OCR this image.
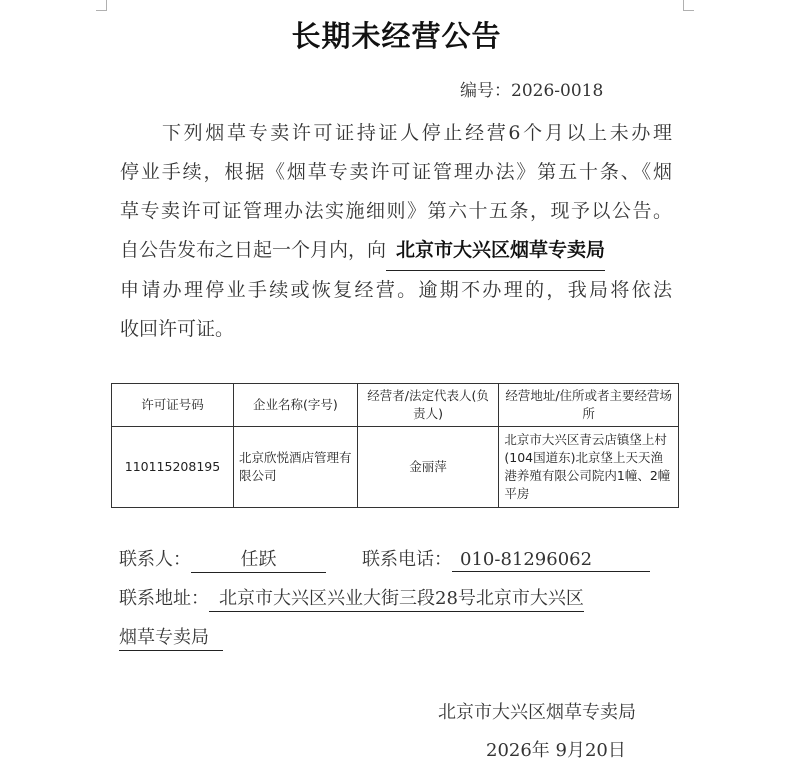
长期未经营公告
编号：2026-0018
下列烟草专卖许可证持证人停止经营6个月以上未办理
停业手续，根据《烟草专卖许可证管理办法》第五十条、《烟
草专卖许可证管理办法实施细则》第六十五条，现予以公告。
自公告发布之日起一个月内，向 北京市大兴区烟草专卖局
申请办理停业手续或恢复经营。逾期不办理的，我局将依法
收回许可证。
许可证号码	企业名称(字号)	经营者/法定代表人(负责人)	经营地址/住所或者主要经营场所
110115208195	北京欣悦酒店管理有限公司	金丽萍	北京市大兴区青云店镇垡上村(104国道东)北京垡上天天渔港养殖有限公司院内1幢、2幢平房
联系人：	任跃	联系电话： 010-81296062
联系地址： 北京市大兴区兴业大街三段28号北京市大兴区
烟草专卖局
北京市大兴区烟草专卖局
2026年 9月20日
